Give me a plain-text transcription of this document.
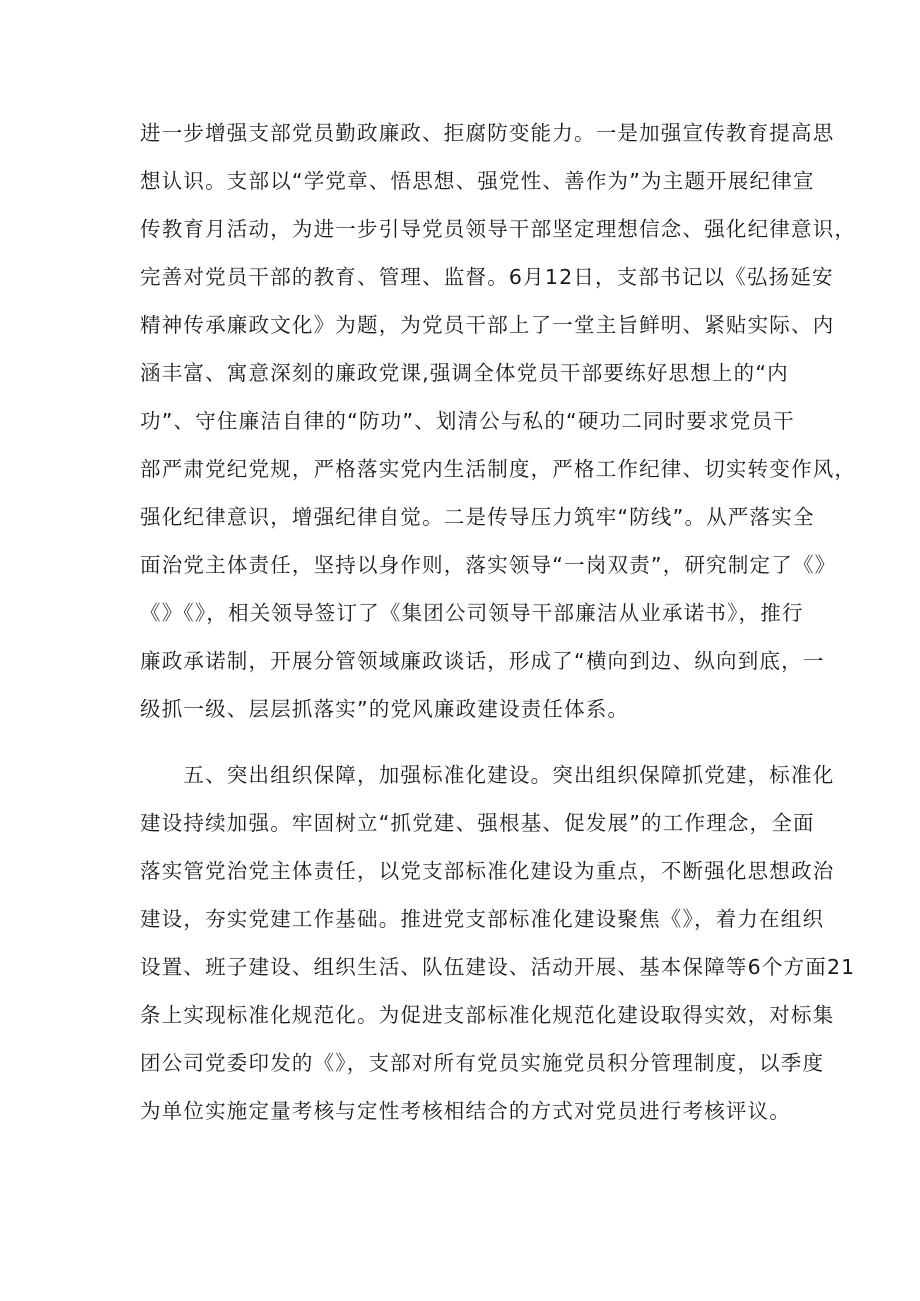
进一步增强支部党员勤政廉政、拒腐防变能力。一是加强宣传教育提高思
想认识。支部以“学党章、悟思想、强党性、善作为”为主题开展纪律宣
传教育月活动，为进一步引导党员领导干部坚定理想信念、强化纪律意识，
完善对党员干部的教育、管理、监督。6月12日，支部书记以《弘扬延安
精神传承廉政文化》为题，为党员干部上了一堂主旨鲜明、紧贴实际、内
涵丰富、寓意深刻的廉政党课,强调全体党员干部要练好思想上的“内
功”、守住廉洁自律的“防功”、划清公与私的“硬功二同时要求党员干
部严肃党纪党规，严格落实党内生活制度，严格工作纪律、切实转变作风，
强化纪律意识，增强纪律自觉。二是传导压力筑牢“防线”。从严落实全
面治党主体责任，坚持以身作则，落实领导“一岗双责”，研究制定了《》
《》《》，相关领导签订了《集团公司领导干部廉洁从业承诺书》，推行
廉政承诺制，开展分管领域廉政谈话，形成了“横向到边、纵向到底，一
级抓一级、层层抓落实”的党风廉政建设责任体系。

　　五、突出组织保障，加强标准化建设。突出组织保障抓党建，标准化
建设持续加强。牢固树立“抓党建、强根基、促发展”的工作理念，全面
落实管党治党主体责任，以党支部标准化建设为重点，不断强化思想政治
建设，夯实党建工作基础。推进党支部标准化建设聚焦《》，着力在组织
设置、班子建设、组织生活、队伍建设、活动开展、基本保障等6个方面21
条上实现标准化规范化。为促进支部标准化规范化建设取得实效，对标集
团公司党委印发的《》，支部对所有党员实施党员积分管理制度，以季度
为单位实施定量考核与定性考核相结合的方式对党员进行考核评议。
